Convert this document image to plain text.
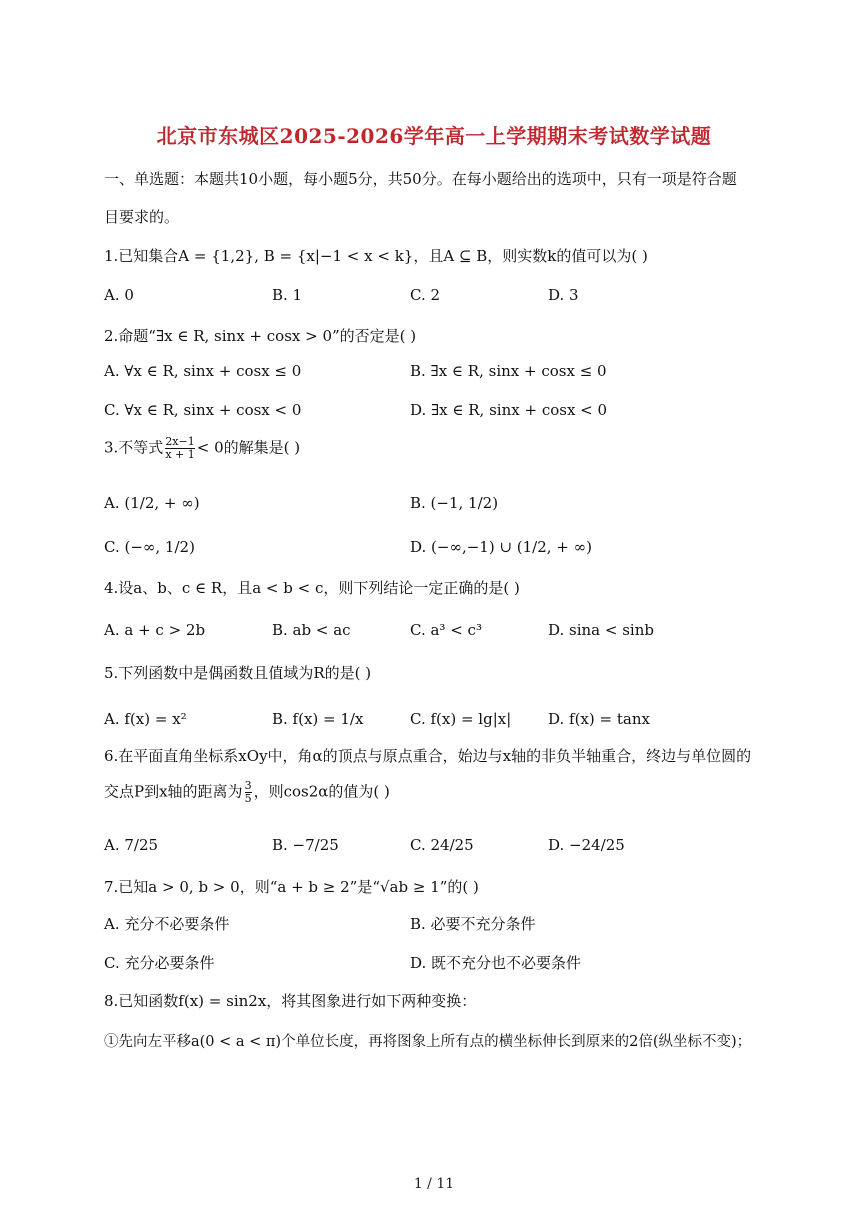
北京市东城区2025-2026学年高一上学期期末考试数学试题
一、单选题：本题共10小题，每小题5分，共50分。在每小题给出的选项中，只有一项是符合题
目要求的。
1.已知集合A = {1,2}, B = {x|−1 < x < k}，且A ⊆ B，则实数k的值可以为( )
A. 0	B. 1	C. 2	D. 3
2.命题“∃x ∈ R, sinx + cosx > 0”的否定是( )
A. ∀x ∈ R, sinx + cosx ≤ 0	B. ∃x ∈ R, sinx + cosx ≤ 0
C. ∀x ∈ R, sinx + cosx < 0	D. ∃x ∈ R, sinx + cosx < 0
3.不等式 $\frac{2x-1}{x + 1} < 0$的解集是( )
A. (1/2, + ∞)	B. (−1, 1/2)
C. (−∞, 1/2)	D. (−∞,−1) ∪ (1/2, + ∞)
4.设a、b、c ∈ R，且a < b < c，则下列结论一定正确的是( )
A. a + c > 2b	B. ab < ac	C. a³ < c³	D. sina < sinb
5.下列函数中是偶函数且值域为R的是( )
A. f(x) = x²	B. f(x) = 1/x	C. f(x) = lg|x| D. f(x) = tanx
6.在平面直角坐标系xOy中，角α的顶点与原点重合，始边与x轴的非负半轴重合，终边与单位圆的
交点P到x轴的距离为 $\frac{3}{5}$ ，则cos2α的值为( )
A. 7/25	B. −7/25	C. 24/25	D. −24/25
7.已知a > 0, b > 0，则“a + b ≥ 2”是“√ab ≥ 1”的( )
A. 充分不必要条件	B. 必要不充分条件
C. 充分必要条件	D. 既不充分也不必要条件
8.已知函数f(x) = sin2x，将其图象进行如下两种变换：
①先向左平移a(0 < a < π)个单位长度，再将图象上所有点的横坐标伸长到原来的2倍(纵坐标不变)；
1 / 11
